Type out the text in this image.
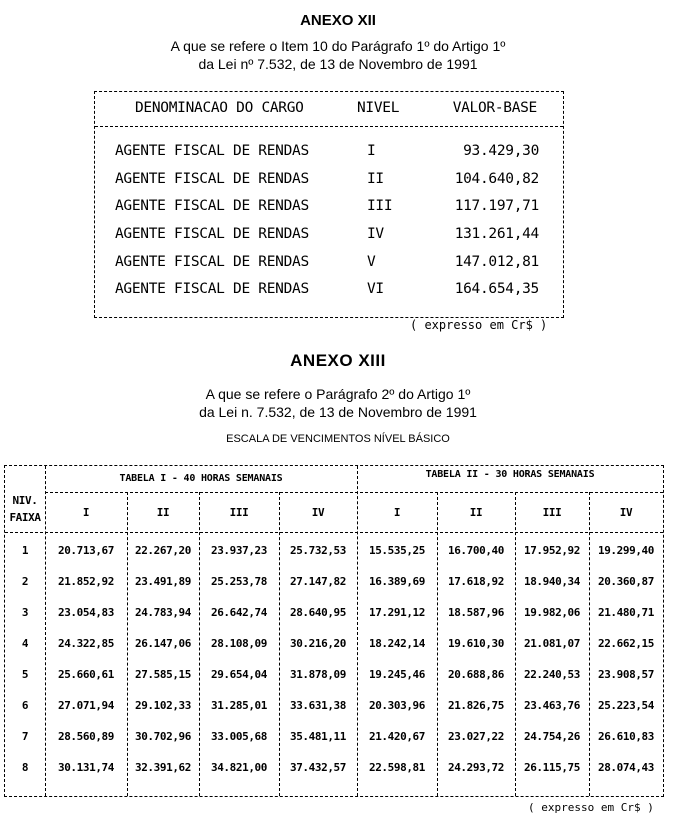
ANEXO XII
A que se refere o Item 10 do Parágrafo 1º do Artigo 1º
da Lei nº 7.532, de 13 de Novembro de 1991
DENOMINACAO DO CARGO	NIVEL	VALOR-BASE
AGENTE FISCAL DE RENDAS	I	93.429,30
AGENTE FISCAL DE RENDAS	II	104.640,82
AGENTE FISCAL DE RENDAS	III	117.197,71
AGENTE FISCAL DE RENDAS	IV	131.261,44
AGENTE FISCAL DE RENDAS	V	147.012,81
AGENTE FISCAL DE RENDAS	VI	164.654,35
( expresso em Cr$ )
ANEXO XIII
A que se refere o Parágrafo 2º do Artigo 1º
da Lei n. 7.532, de 13 de Novembro de 1991
ESCALA DE VENCIMENTOS NÍVEL BÁSICO
TABELA I - 40 HORAS SEMANAIS	TABELA II - 30 HORAS SEMANAIS
NIV.
FAIXA	I	II	III	IV	I	II	III	IV
1	20.713,67	22.267,20	23.937,23	25.732,53	15.535,25	16.700,40	17.952,92	19.299,40
2	21.852,92	23.491,89	25.253,78	27.147,82	16.389,69	17.618,92	18.940,34	20.360,87
3	23.054,83	24.783,94	26.642,74	28.640,95	17.291,12	18.587,96	19.982,06	21.480,71
4	24.322,85	26.147,06	28.108,09	30.216,20	18.242,14	19.610,30	21.081,07	22.662,15
5	25.660,61	27.585,15	29.654,04	31.878,09	19.245,46	20.688,86	22.240,53	23.908,57
6	27.071,94	29.102,33	31.285,01	33.631,38	20.303,96	21.826,75	23.463,76	25.223,54
7	28.560,89	30.702,96	33.005,68	35.481,11	21.420,67	23.027,22	24.754,26	26.610,83
8	30.131,74	32.391,62	34.821,00	37.432,57	22.598,81	24.293,72	26.115,75	28.074,43
( expresso em Cr$ )
